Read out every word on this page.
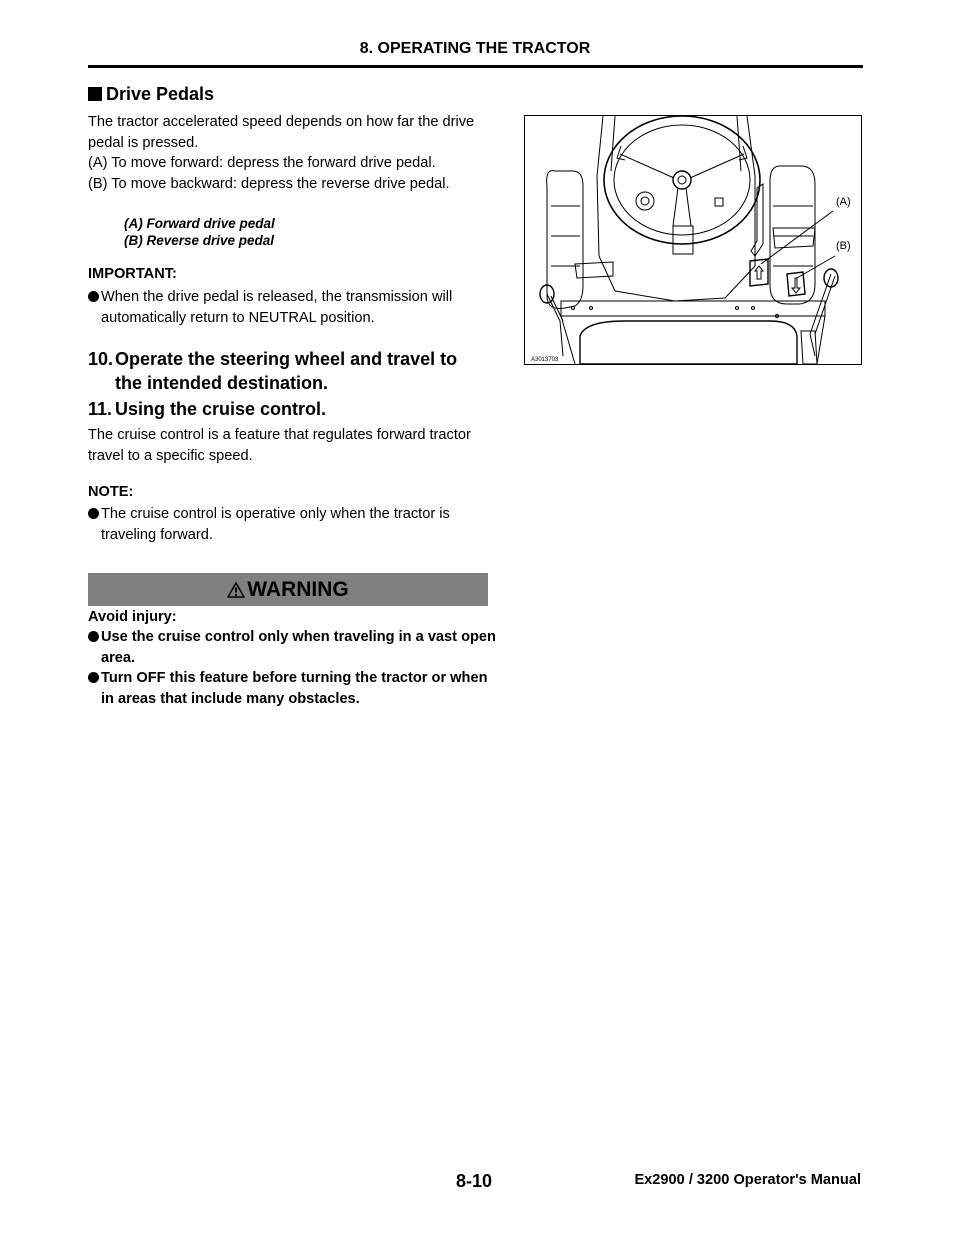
8. OPERATING THE TRACTOR
Drive Pedals
The tractor accelerated speed depends on how far the drive pedal is pressed.
(A) To move forward: depress the forward drive pedal.
(B) To move backward: depress the reverse drive pedal.
(A) Forward drive pedal
(B) Reverse drive pedal
IMPORTANT:
When the drive pedal is released, the transmission will automatically return to NEUTRAL position.
10. Operate the steering wheel and travel to
the intended destination.
11. Using the cruise control.
The cruise control is a feature that regulates forward tractor travel to a specific speed.
NOTE:
The cruise control is operative only when the tractor is traveling forward.
WARNING
Avoid injury:
Use the cruise control only when traveling in a vast open area.
Turn OFF this feature before turning the tractor or when in areas that include many obstacles.
(A)
(B)
A3013703
8-10	Ex2900 / 3200 Operator's Manual
